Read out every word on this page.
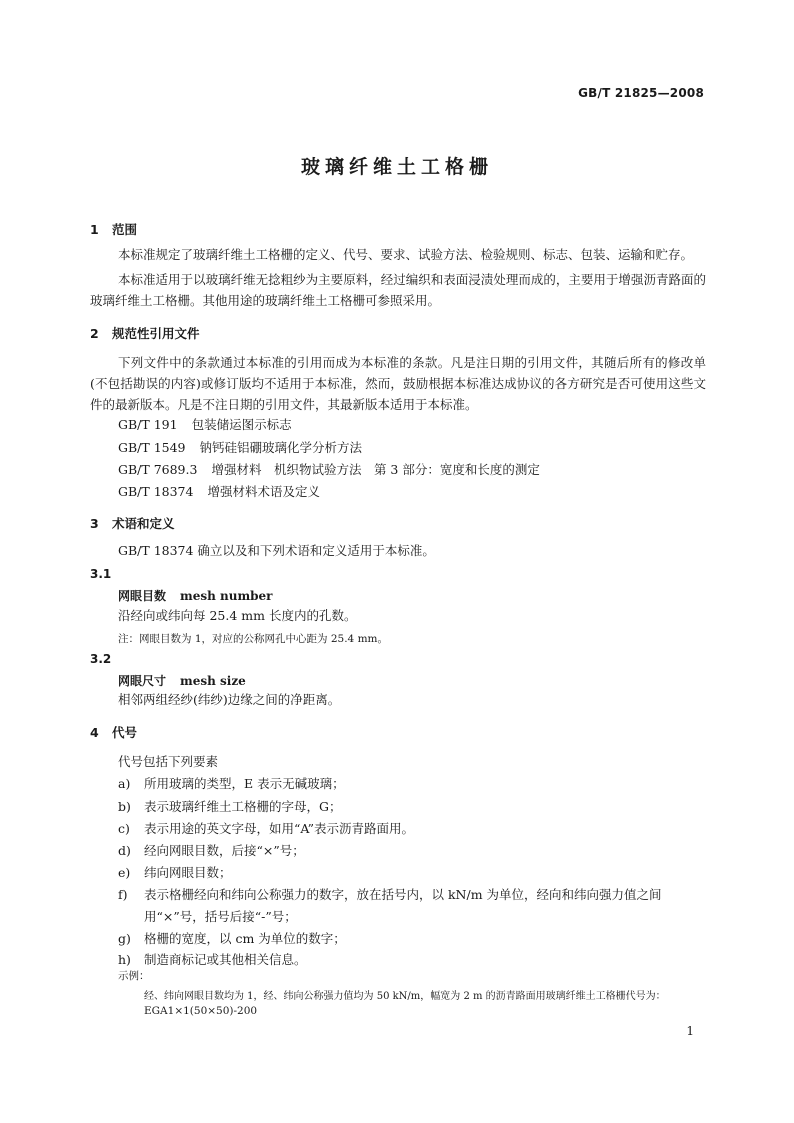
GB/T 21825—2008
玻璃纤维土工格栅
1 范围
本标准规定了玻璃纤维土工格栅的定义、代号、要求、试验方法、检验规则、标志、包装、运输和贮存。
本标准适用于以玻璃纤维无捻粗纱为主要原料，经过编织和表面浸渍处理而成的，主要用于增强沥青路面的玻璃纤维土工格栅。其他用途的玻璃纤维土工格栅可参照采用。
2 规范性引用文件
下列文件中的条款通过本标准的引用而成为本标准的条款。凡是注日期的引用文件，其随后所有的修改单(不包括勘误的内容)或修订版均不适用于本标准，然而，鼓励根据本标准达成协议的各方研究是否可使用这些文件的最新版本。凡是不注日期的引用文件，其最新版本适用于本标准。
GB/T 191 包装储运图示标志
GB/T 1549 钠钙硅铝硼玻璃化学分析方法
GB/T 7689.3 增强材料　机织物试验方法　第 3 部分：宽度和长度的测定
GB/T 18374 增强材料术语及定义
3 术语和定义
GB/T 18374 确立以及和下列术语和定义适用于本标准。
3.1
网眼目数 mesh number
沿经向或纬向每 25.4 mm 长度内的孔数。
注：网眼目数为 1，对应的公称网孔中心距为 25.4 mm。
3.2
网眼尺寸 mesh size
相邻两组经纱(纬纱)边缘之间的净距离。
4 代号
代号包括下列要素
a) 所用玻璃的类型，E 表示无碱玻璃；
b) 表示玻璃纤维土工格栅的字母，G；
c) 表示用途的英文字母，如用“A”表示沥青路面用。
d) 经向网眼目数，后接“×”号；
e) 纬向网眼目数；
f) 表示格栅经向和纬向公称强力的数字，放在括号内，以 kN/m 为单位，经向和纬向强力值之间
用“×”号，括号后接“-”号；
g) 格栅的宽度，以 cm 为单位的数字；
h) 制造商标记或其他相关信息。
示例：
经、纬向网眼目数均为 1，经、纬向公称强力值均为 50 kN/m，幅宽为 2 m 的沥青路面用玻璃纤维土工格栅代号为：
EGA1×1(50×50)-200
1
